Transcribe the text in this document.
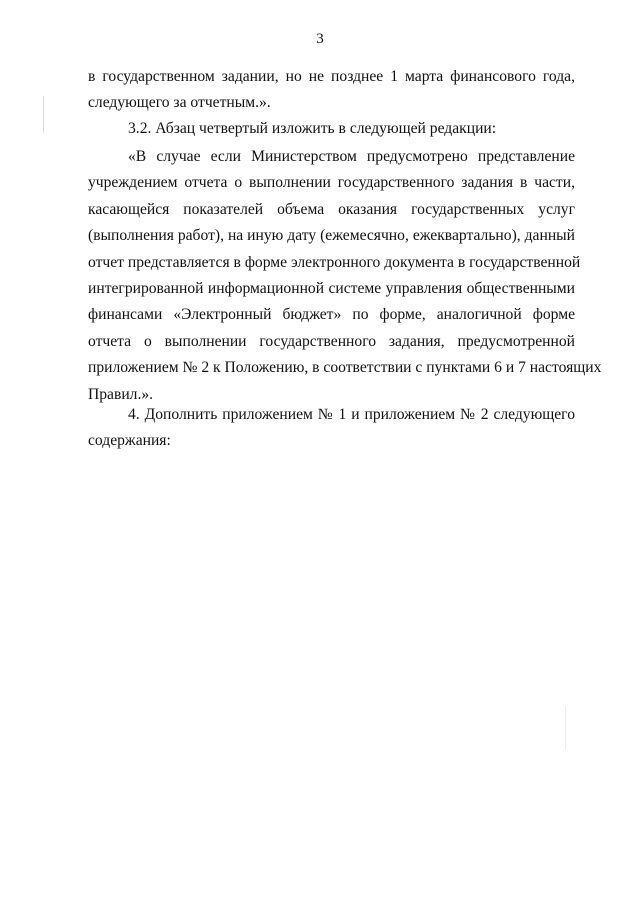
3
в государственном задании, но не позднее 1 марта финансового года,
следующего за отчетным.».
3.2. Абзац четвертый изложить в следующей редакции:
«В случае если Министерством предусмотрено представление
учреждением отчета о выполнении государственного задания в части,
касающейся показателей объема оказания государственных услуг
(выполнения работ), на иную дату (ежемесячно, ежеквартально), данный
отчет представляется в форме электронного документа в государственной
интегрированной информационной системе управления общественными
финансами «Электронный бюджет» по форме, аналогичной форме
отчета о выполнении государственного задания, предусмотренной
приложением № 2 к Положению, в соответствии с пунктами 6 и 7 настоящих
Правил.».
4. Дополнить приложением № 1 и приложением № 2 следующего
содержания:
